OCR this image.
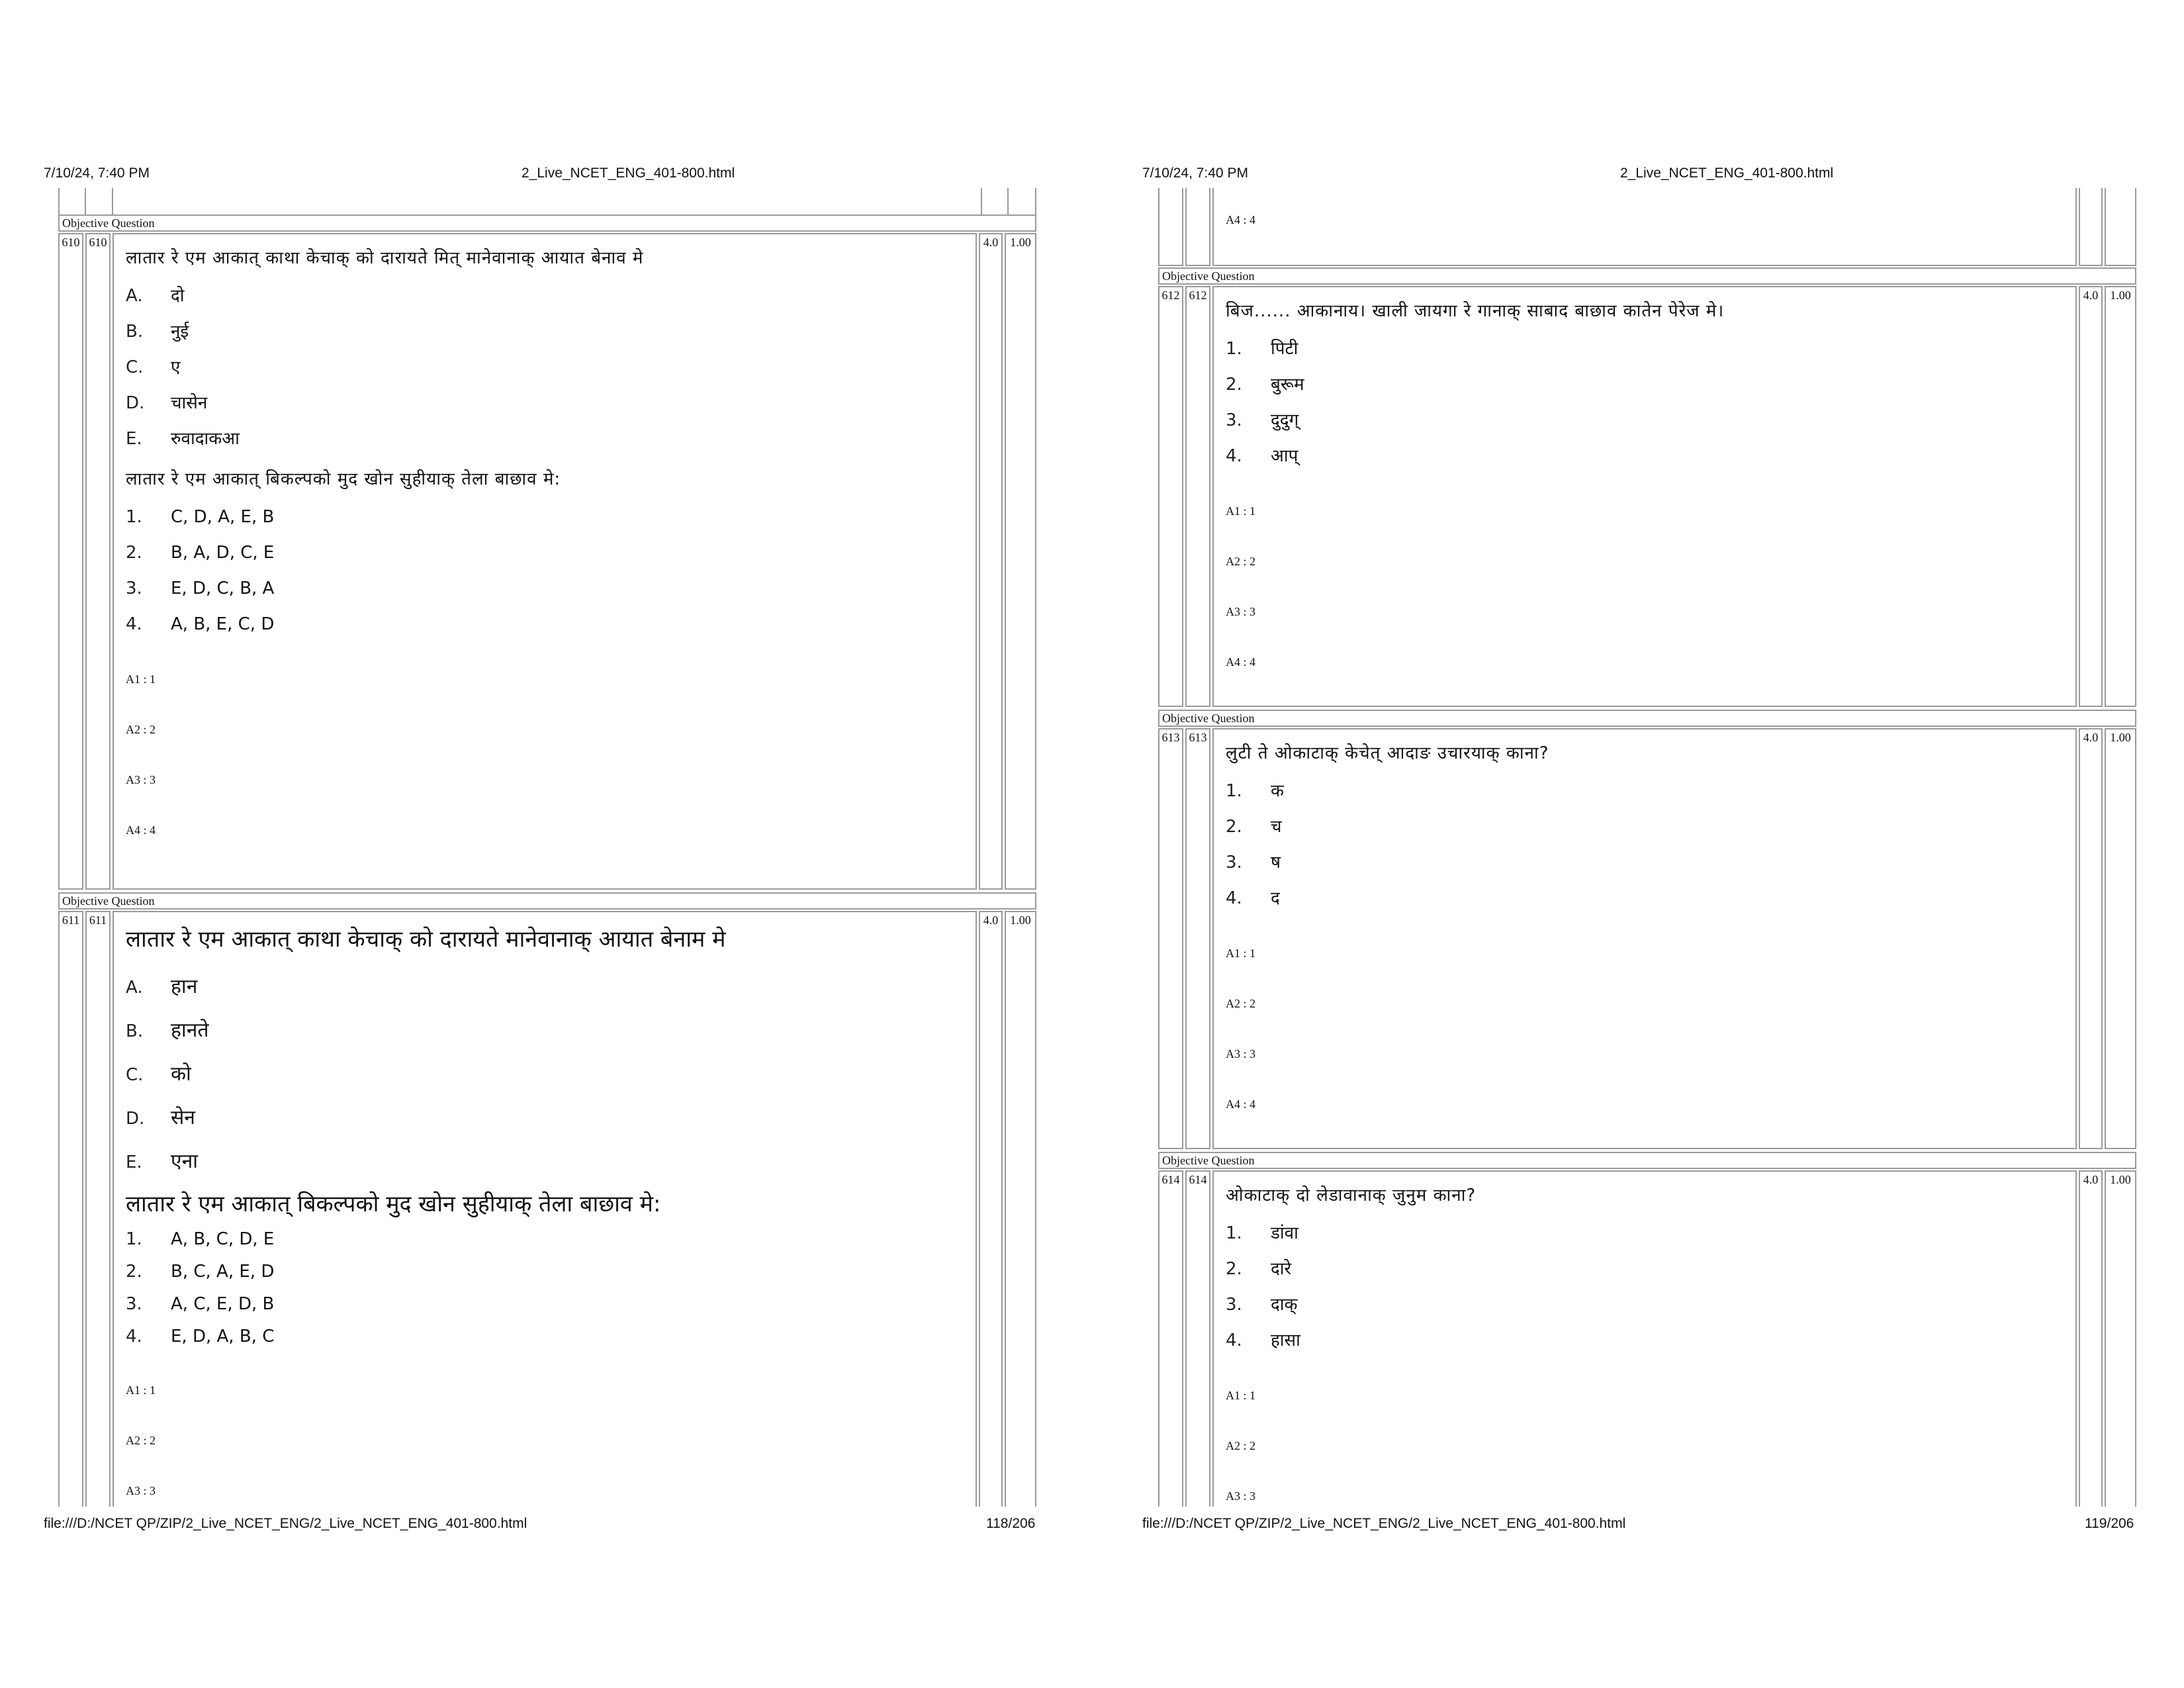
7/10/24, 7:40 PM	2_Live_NCET_ENG_401-800.html
Objective Question
610 610

लातार रे एम आकात् काथा केचाक् को दारायते मित् मानेवानाक् आयात बेनाव मे

A. दो
B. नुई
C. ए
D. चासेन
E. रुवादाकआ

लातार रे एम आकात् बिकल्पको मुद खोन सुहीयाक् तेला बाछाव मे:

1. C, D, A, E, B
2. B, A, D, C, E
3. E, D, C, B, A
4. A, B, E, C, D
A1 : 1
A2 : 2
A3 : 3
A4 : 4
4.0	1.00
Objective Question
611 611

लातार रे एम आकात् काथा केचाक् को दारायते मानेवानाक् आयात बेनाम मे

A. हान
B. हानते
C. को
D. सेन
E. एना

लातार रे एम आकात् बिकल्पको मुद खोन सुहीयाक् तेला बाछाव मे:

1. A, B, C, D, E
2. B, C, A, E, D
3. A, C, E, D, B
4. E, D, A, B, C
A1 : 1
A2 : 2
A3 : 3
4.0	1.00
file:///D:/NCET QP/ZIP/2_Live_NCET_ENG/2_Live_NCET_ENG_401-800.html	118/206
7/10/24, 7:40 PM	2_Live_NCET_ENG_401-800.html
A4 : 4
Objective Question
612 612

बिज...... आकानाय। खाली जायगा रे गानाक् साबाद बाछाव कातेन पेरेज मे।

1. पिटी
2. बुरूम
3. दुदुग्
4. आप्
A1 : 1
A2 : 2
A3 : 3
A4 : 4
4.0	1.00
Objective Question
613 613

लुटी ते ओकाटाक् केचेत् आदाङ उचारयाक् काना?

1. क
2. च
3. ष
4. द
A1 : 1
A2 : 2
A3 : 3
A4 : 4
4.0	1.00
Objective Question
614 614

ओकाटाक् दो लेडावानाक् जुनुम काना?

1. डांवा
2. दारे
3. दाक्
4. हासा
A1 : 1
A2 : 2
A3 : 3
4.0	1.00
file:///D:/NCET QP/ZIP/2_Live_NCET_ENG/2_Live_NCET_ENG_401-800.html	119/206
